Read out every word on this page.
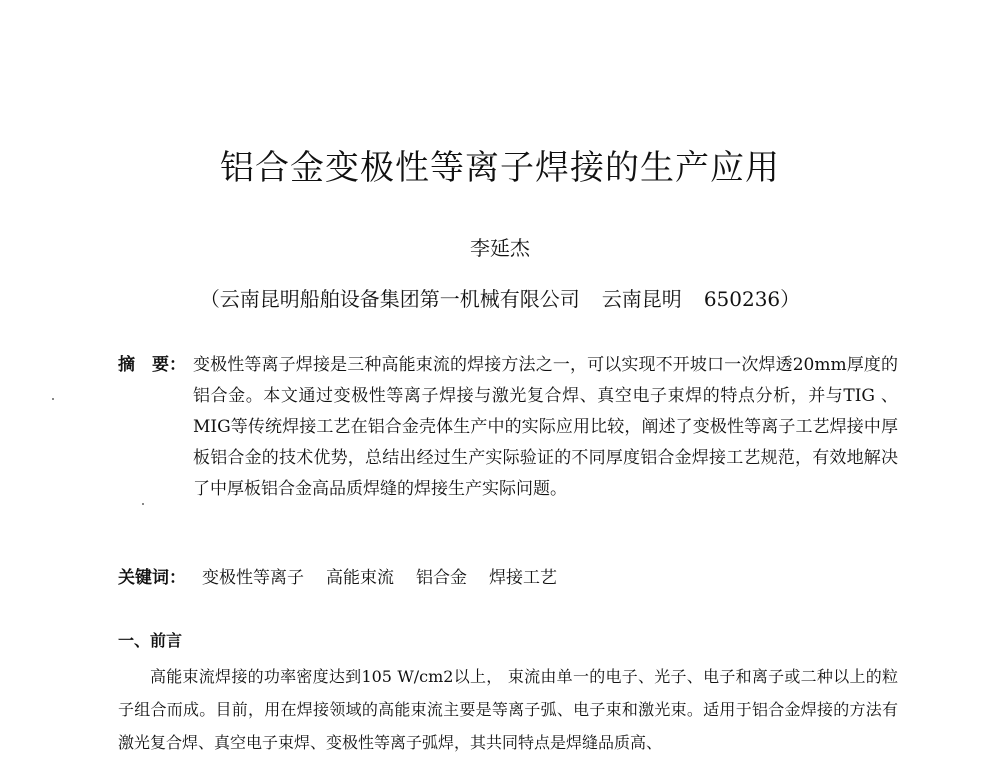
铝合金变极性等离子焊接的生产应用
李延杰
（云南昆明船舶设备集团第一机械有限公司 云南昆明 650236）
摘　要： 变极性等离子焊接是三种高能束流的焊接方法之一，可以实现不开坡口一次焊透20mm厚度的铝合金。本文通过变极性等离子焊接与激光复合焊、真空电子束焊的特点分析，并与TIG 、MIG等传统焊接工艺在铝合金壳体生产中的实际应用比较，阐述了变极性等离子工艺焊接中厚板铝合金的技术优势，总结出经过生产实际验证的不同厚度铝合金焊接工艺规范，有效地解决了中厚板铝合金高品质焊缝的焊接生产实际问题。
关键词： 变极性等离子 高能束流 铝合金 焊接工艺
一、前言
高能束流焊接的功率密度达到105 W/cm2以上， 束流由单一的电子、光子、电子和离子或二种以上的粒子组合而成。目前，用在焊接领域的高能束流主要是等离子弧、电子束和激光束。适用于铝合金焊接的方法有激光复合焊、真空电子束焊、变极性等离子弧焊，其共同特点是焊缝品质高、
